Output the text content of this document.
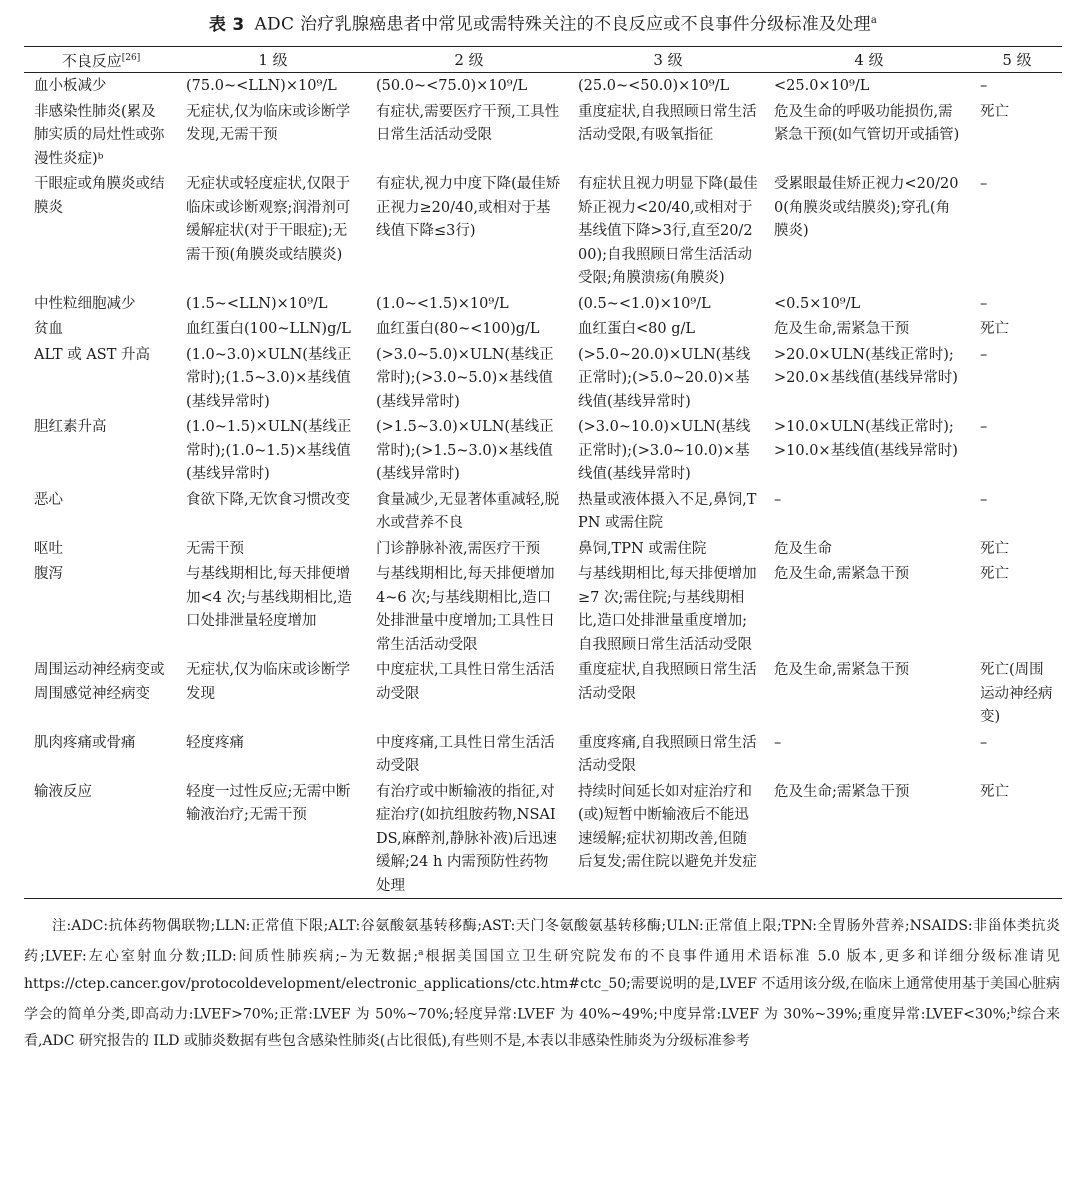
表 3 ADC 治疗乳腺癌患者中常见或需特殊关注的不良反应或不良事件分级标准及处理$^a$
不良反应[26]	1 级	2 级	3 级	4 级	5 级
血小板减少	(75.0~<LLN)×10⁹/L	(50.0~<75.0)×10⁹/L	(25.0~<50.0)×10⁹/L	<25.0×10⁹/L	–
非感染性肺炎(累及肺实质的局灶性或弥漫性炎症)ᵇ	无症状,仅为临床或诊断学发现,无需干预	有症状,需要医疗干预,工具性日常生活活动受限	重度症状,自我照顾日常生活活动受限,有吸氧指征	危及生命的呼吸功能损伤,需紧急干预(如气管切开或插管)	死亡
干眼症或角膜炎或结膜炎	无症状或轻度症状,仅限于临床或诊断观察;润滑剂可缓解症状(对于干眼症);无需干预(角膜炎或结膜炎)	有症状,视力中度下降(最佳矫正视力≥20/40,或相对于基线值下降≤3行)	有症状且视力明显下降(最佳矫正视力<20/40,或相对于基线值下降>3行,直至20/200);自我照顾日常生活活动受限;角膜溃疡(角膜炎)	受累眼最佳矫正视力<20/200(角膜炎或结膜炎);穿孔(角膜炎)	–
中性粒细胞减少	(1.5~<LLN)×10⁹/L	(1.0~<1.5)×10⁹/L	(0.5~<1.0)×10⁹/L	<0.5×10⁹/L	–
贫血	血红蛋白(100~LLN)g/L	血红蛋白(80~<100)g/L	血红蛋白<80 g/L	危及生命,需紧急干预	死亡
ALT 或 AST 升高	(1.0~3.0)×ULN(基线正常时);(1.5~3.0)×基线值(基线异常时)	(>3.0~5.0)×ULN(基线正常时);(>3.0~5.0)×基线值(基线异常时)	(>5.0~20.0)×ULN(基线正常时);(>5.0~20.0)×基线值(基线异常时)	>20.0×ULN(基线正常时);>20.0×基线值(基线异常时)	–
胆红素升高	(1.0~1.5)×ULN(基线正常时);(1.0~1.5)×基线值(基线异常时)	(>1.5~3.0)×ULN(基线正常时);(>1.5~3.0)×基线值(基线异常时)	(>3.0~10.0)×ULN(基线正常时);(>3.0~10.0)×基线值(基线异常时)	>10.0×ULN(基线正常时);>10.0×基线值(基线异常时)	–
恶心	食欲下降,无饮食习惯改变	食量减少,无显著体重减轻,脱水或营养不良	热量或液体摄入不足,鼻饲,TPN 或需住院	–	–
呕吐	无需干预	门诊静脉补液,需医疗干预	鼻饲,TPN 或需住院	危及生命	死亡
腹泻	与基线期相比,每天排便增加<4 次;与基线期相比,造口处排泄量轻度增加	与基线期相比,每天排便增加 4~6 次;与基线期相比,造口处排泄量中度增加;工具性日常生活活动受限	与基线期相比,每天排便增加≥7 次;需住院;与基线期相比,造口处排泄量重度增加;自我照顾日常生活活动受限	危及生命,需紧急干预	死亡
周围运动神经病变或周围感觉神经病变	无症状,仅为临床或诊断学发现	中度症状,工具性日常生活活动受限	重度症状,自我照顾日常生活活动受限	危及生命,需紧急干预	死亡(周围运动神经病变)
肌肉疼痛或骨痛	轻度疼痛	中度疼痛,工具性日常生活活动受限	重度疼痛,自我照顾日常生活活动受限	–	–
输液反应	轻度一过性反应;无需中断输液治疗;无需干预	有治疗或中断输液的指征,对症治疗(如抗组胺药物,NSAIDS,麻醉剂,静脉补液)后迅速缓解;24 h 内需预防性药物处理	持续时间延长如对症治疗和(或)短暂中断输液后不能迅速缓解;症状初期改善,但随后复发;需住院以避免并发症	危及生命;需紧急干预	死亡
注:ADC:抗体药物偶联物;LLN:正常值下限;ALT:谷氨酸氨基转移酶;AST:天门冬氨酸氨基转移酶;ULN:正常值上限;TPN:全胃肠外营养;NSAIDS:非甾体类抗炎药;LVEF:左心室射血分数;ILD:间质性肺疾病;–为无数据;$^a$根据美国国立卫生研究院发布的不良事件通用术语标准 5.0 版本,更多和详细分级标准请见 https://ctep.cancer.gov/protocoldevelopment/electronic_applications/ctc.htm#ctc_50;需要说明的是,LVEF 不适用该分级,在临床上通常使用基于美国心脏病学会的简单分类,即高动力:LVEF>70%;正常:LVEF 为 50%~70%;轻度异常:LVEF 为 40%~49%;中度异常:LVEF 为 30%~39%;重度异常:LVEF<30%;$^b$综合来看,ADC 研究报告的 ILD 或肺炎数据有些包含感染性肺炎(占比很低),有些则不是,本表以非感染性肺炎为分级标准参考
